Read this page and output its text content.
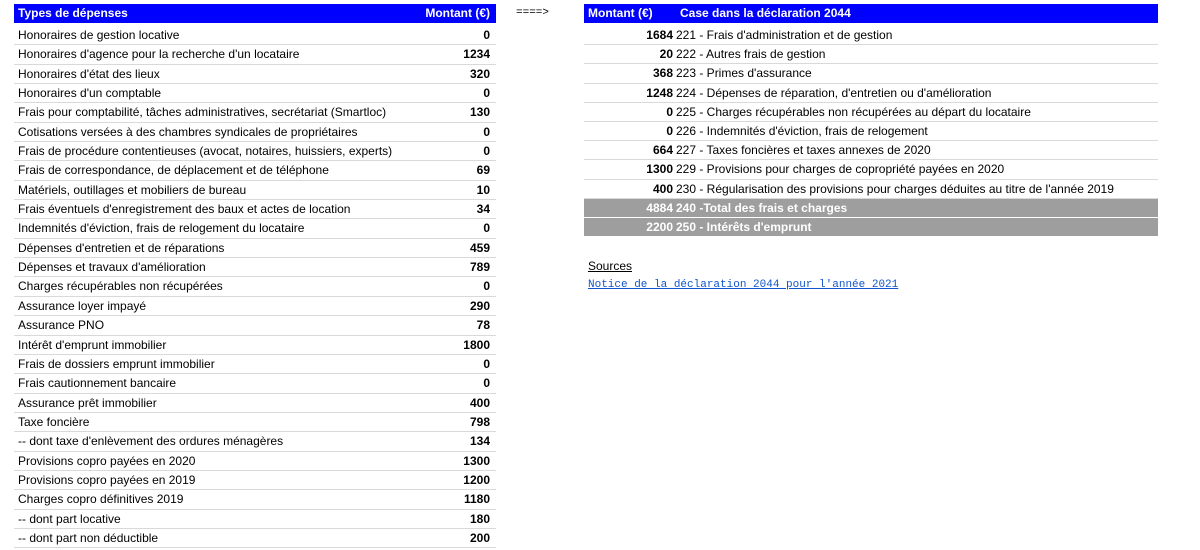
Types de dépenses	Montant (€) ====>	Montant (€) Case dans la déclaration 2044
Honoraires de gestion locative	0
Honoraires d'agence pour la recherche d'un locataire	1234
Honoraires d'état des lieux	320
Honoraires d'un comptable	0
Frais pour comptabilité, tâches administratives, secrétariat (Smartloc)	130
Cotisations versées à des chambres syndicales de propriétaires	0
Frais de procédure contentieuses (avocat, notaires, huissiers, experts)	0
Frais de correspondance, de déplacement et de téléphone	69
Matériels, outillages et mobiliers de bureau	10
Frais éventuels d'enregistrement des baux et actes de location	34
Indemnités d'éviction, frais de relogement du locataire	0
Dépenses d'entretien et de réparations	459
Dépenses et travaux d'amélioration	789
Charges récupérables non récupérées	0
Assurance loyer impayé	290
Assurance PNO	78
Intérêt d'emprunt immobilier	1800
Frais de dossiers emprunt immobilier	0
Frais cautionnement bancaire	0
Assurance prêt immobilier	400
Taxe foncière	798
-- dont taxe d'enlèvement des ordures ménagères	134
Provisions copro payées en 2020	1300
Provisions copro payées en 2019	1200
Charges copro définitives 2019	1180
-- dont part locative	180
-- dont part non déductible	200
1684 221 - Frais d'administration et de gestion
20 222 - Autres frais de gestion
368 223 - Primes d'assurance
1248 224 - Dépenses de réparation, d'entretien ou d'amélioration
0 225 - Charges récupérables non récupérées au départ du locataire
0 226 - Indemnités d'éviction, frais de relogement
664 227 - Taxes foncières et taxes annexes de 2020
1300 229 - Provisions pour charges de copropriété payées en 2020
400 230 - Régularisation des provisions pour charges déduites au titre de l'année 2019
4884 240 -Total des frais et charges
2200 250 - Intérêts d'emprunt
Sources
Notice de la déclaration 2044 pour l'année 2021
